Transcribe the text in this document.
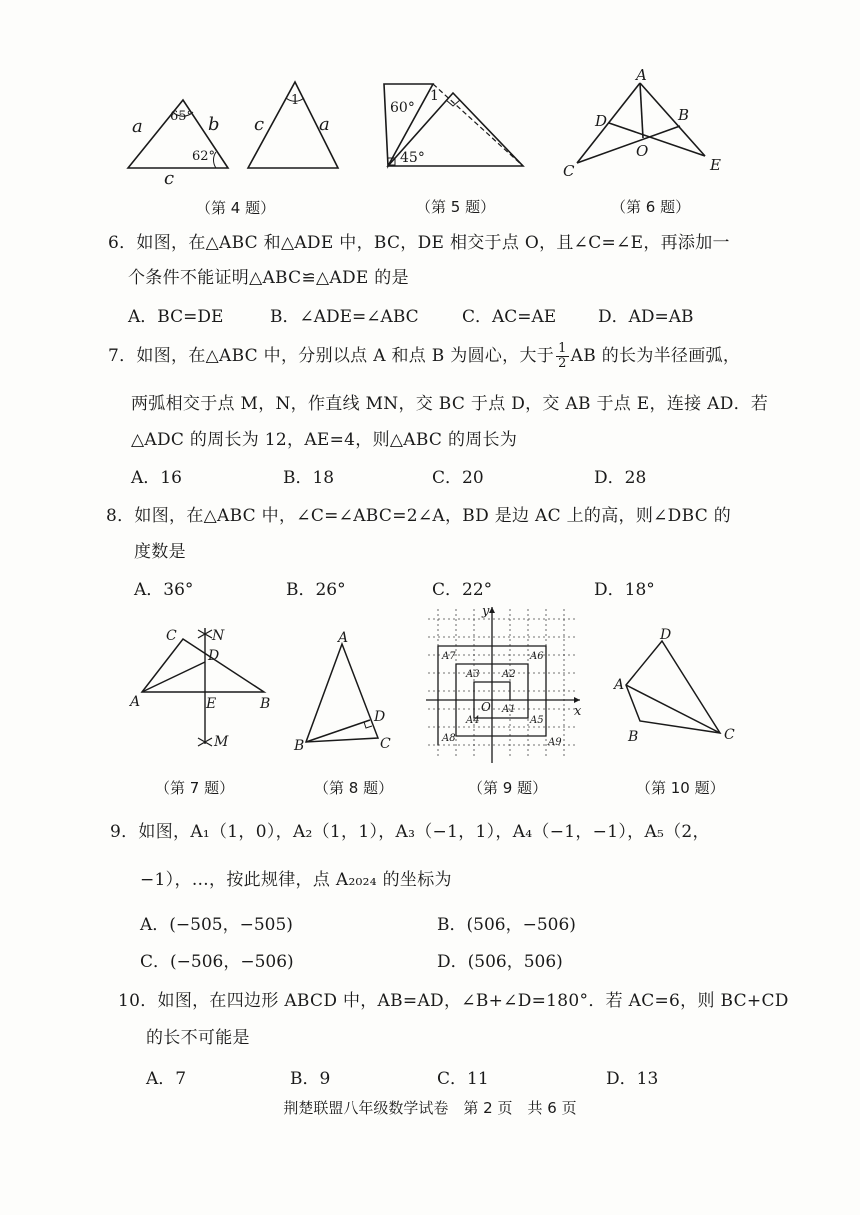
a	b
c
65°
62°
1
c	a
（第 4 题）
60°
45°
1
（第 5 题）
A
B
C
D
E
O
（第 6 题）
6．如图，在△ABC 和△ADE 中，BC，DE 相交于点 O，且∠C=∠E，再添加一
个条件不能证明△ABC≌△ADE 的是
A．BC=DE	B．∠ADE=∠ABC	C．AC=AE D．AD=AB
7．如图，在△ABC 中，分别以点 A 和点 B 为圆心，大于 $\frac{1}{2}$ AB 的长为半径画弧，
两弧相交于点 M，N，作直线 MN，交 BC 于点 D，交 AB 于点 E，连接 AD．若
△ADC 的周长为 12，AE=4，则△ABC 的周长为
A．16	B．18	C．20	D．28
8．如图，在△ABC 中，∠C=∠ABC=2∠A，BD 是边 AC 上的高，则∠DBC 的
度数是
A．36°	B．26°	C．22°	D．18°
C	N
D
A	E	B
M
（第 7 题）
A
D
B	C
（第 8 题）
x
y
O A1
A2
A3
A4	A5
A6
A7
A8	A9
（第 9 题）
D
A
B	C
（第 10 题）
9．如图，A₁（1，0），A₂（1，1），A₃（−1，1），A₄（−1，−1），A₅（2，
−1），…，按此规律，点 A₂₀₂₄ 的坐标为
A．(−505，−505)	B．(506，−506)
C．(−506，−506)	D．(506，506)
10．如图，在四边形 ABCD 中，AB=AD，∠B+∠D=180°．若 AC=6，则 BC+CD
的长不可能是
A．7	B．9	C．11	D．13
荆楚联盟八年级数学试卷　第 2 页　共 6 页
